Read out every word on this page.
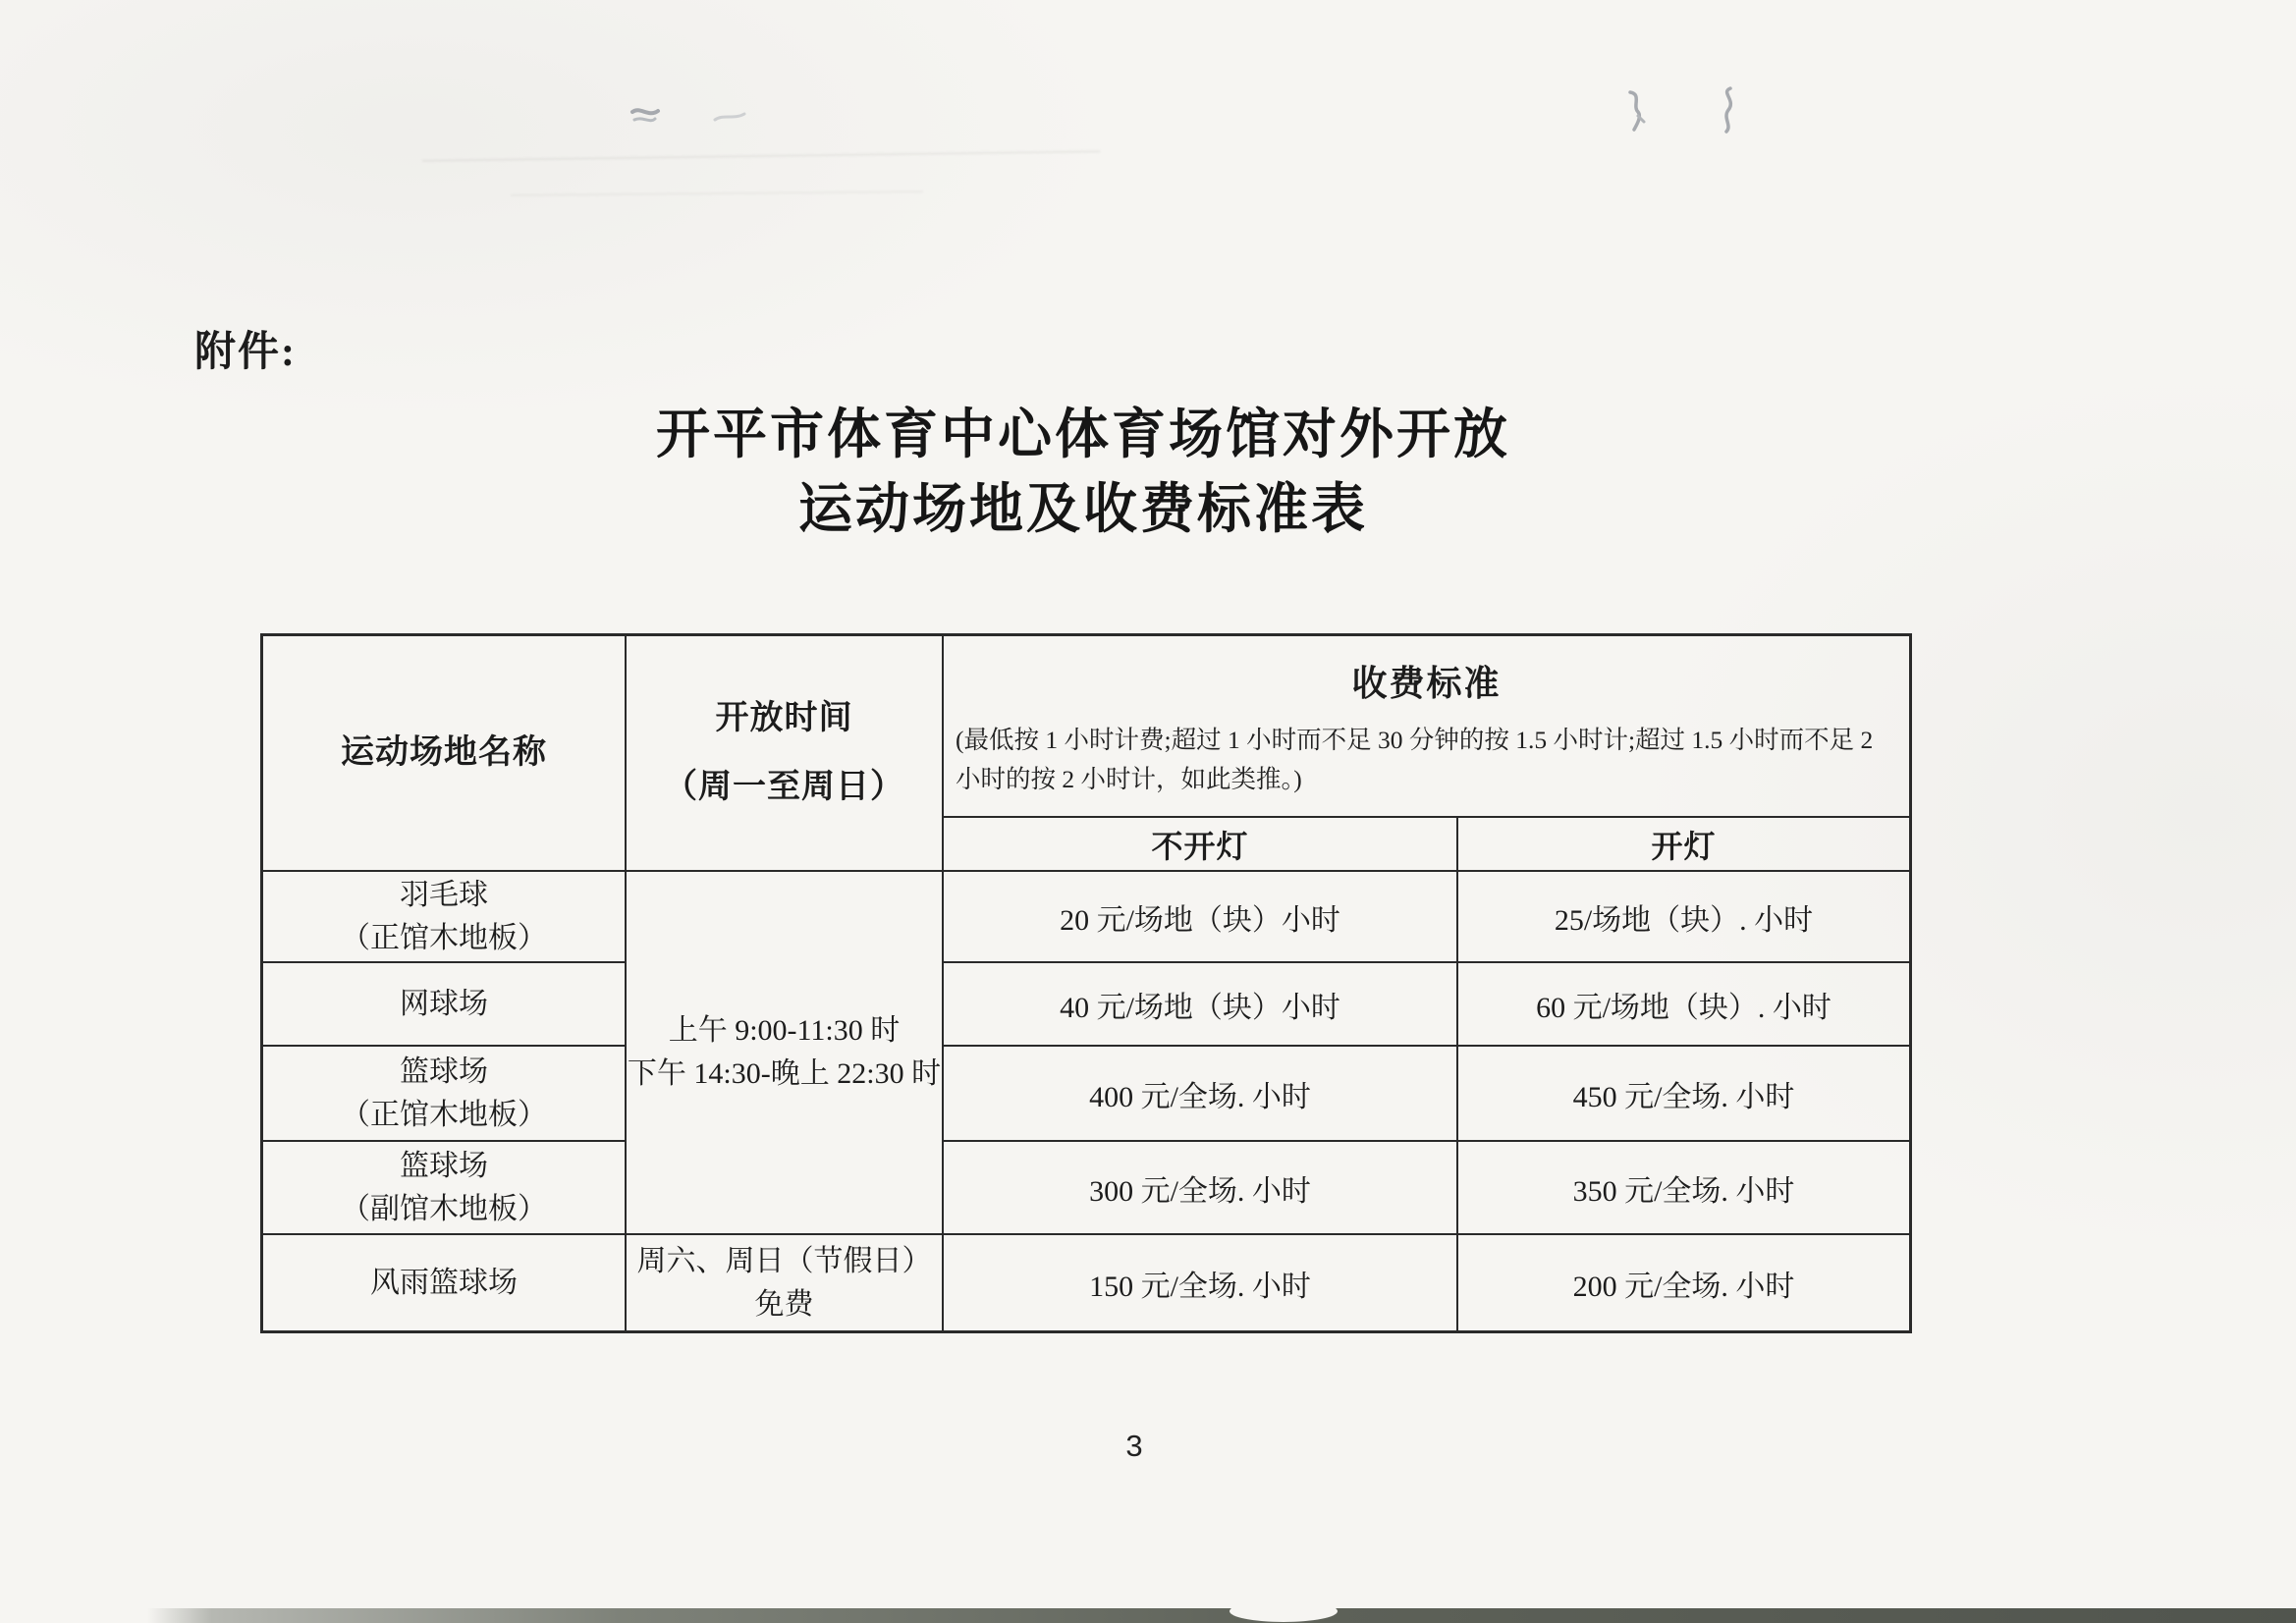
附件:
开平市体育中心体育场馆对外开放
运动场地及收费标准表
运动场地名称
开放时间
（周一至周日）
收费标准
(最低按 1 小时计费;超过 1 小时而不足 30 分钟的按 1.5 小时计;超过 1.5 小时而不足 2
小时的按 2 小时计，如此类推。)
不开灯	开灯
羽毛球
（正馆木地板）
网球场
篮球场
（正馆木地板）
篮球场
（副馆木地板）
风雨篮球场
上午 9:00-11:30 时
下午 14:30-晚上 22:30 时
周六、周日（节假日）
免费
20 元/场地（块）小时
40 元/场地（块）小时
400 元/全场. 小时
300 元/全场. 小时
150 元/全场. 小时
25/场地（块）. 小时
60 元/场地（块）. 小时
450 元/全场. 小时
350 元/全场. 小时
200 元/全场. 小时
3
